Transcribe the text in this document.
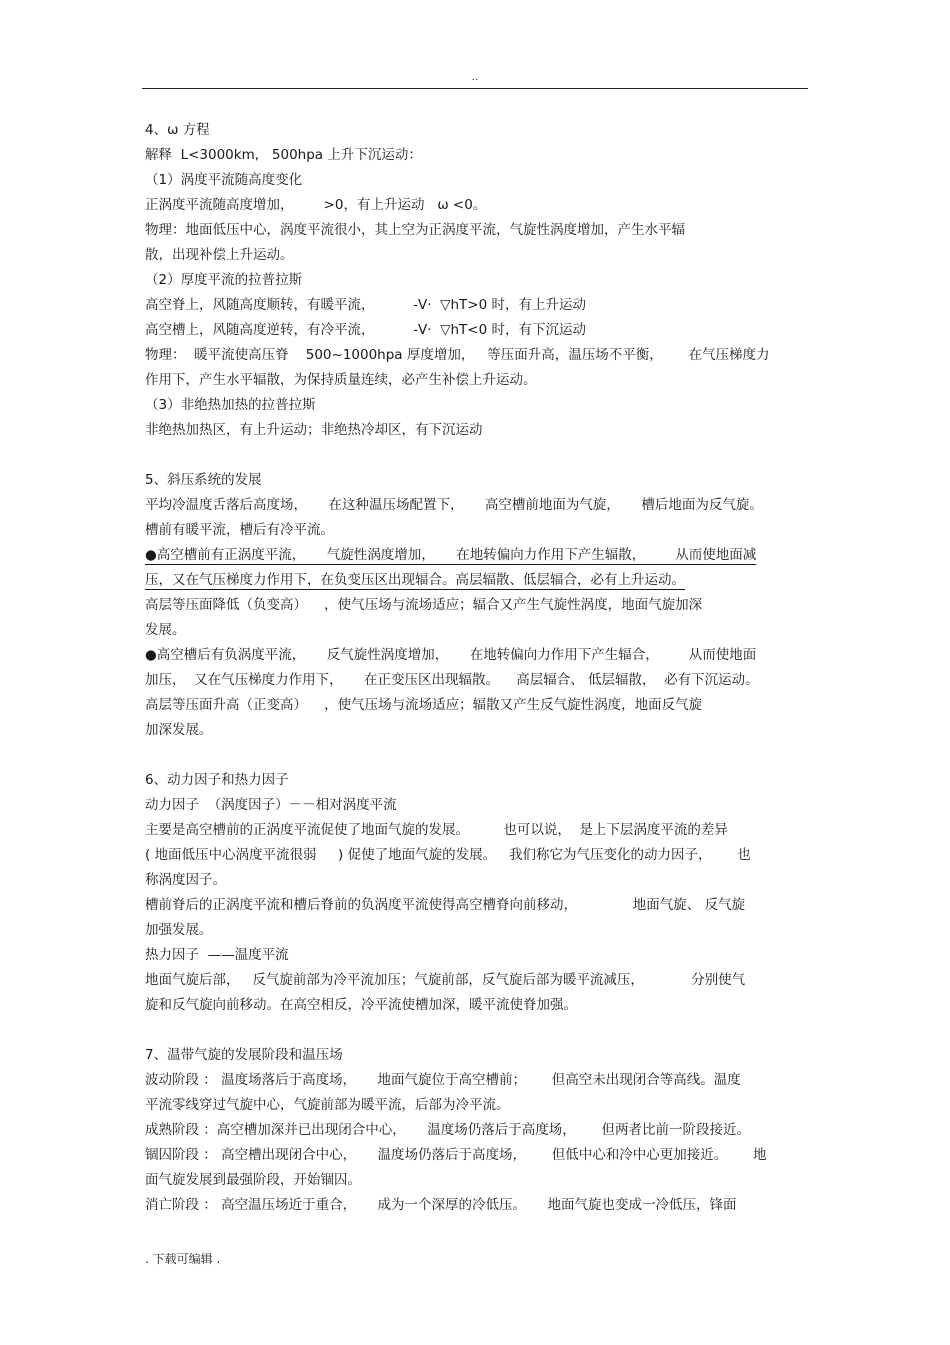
..
4、ω 方程
解释  L<3000km,   500hpa 上升下沉运动：
（1）涡度平流随高度变化
正涡度平流随高度增加，       >0，有上升运动   ω <0。
物理：地面低压中心，涡度平流很小，其上空为正涡度平流，气旋性涡度增加，产生水平辐
散，出现补偿上升运动。
（2）厚度平流的拉普拉斯
高空脊上，风随高度顺转，有暖平流，         -V·  ▽hT>0 时，有上升运动
高空槽上，风随高度逆转，有冷平流，         -V·  ▽hT<0 时，有下沉运动
物理：  暖平流使高压脊    500~1000hpa 厚度增加，   等压面升高，温压场不平衡，      在气压梯度力
作用下，产生水平辐散，为保持质量连续，必产生补偿上升运动。
（3）非绝热加热的拉普拉斯
非绝热加热区，有上升运动；非绝热冷却区，有下沉运动
5、斜压系统的发展
平均冷温度舌落后高度场，     在这种温压场配置下，     高空槽前地面为气旋，     槽后地面为反气旋。
槽前有暖平流，槽后有冷平流。
●高空槽前有正涡度平流，     气旋性涡度增加，     在地转偏向力作用下产生辐散，       从而使地面减
压，又在气压梯度力作用下，在负变压区出现辐合。高层辐散、低层辐合，必有上升运动。
高层等压面降低（负变高）    ，使气压场与流场适应；辐合又产生气旋性涡度，地面气旋加深
发展。
●高空槽后有负涡度平流，     反气旋性涡度增加，     在地转偏向力作用下产生辐合，       从而使地面
加压，  又在气压梯度力作用下，     在正变压区出现辐散。    高层辐合、 低层辐散，  必有下沉运动。
高层等压面升高（正变高）    ，使气压场与流场适应；辐散又产生反气旋性涡度，地面反气旋
加深发展。
6、动力因子和热力因子
动力因子  （涡度因子）－－相对涡度平流
主要是高空槽前的正涡度平流促使了地面气旋的发展。        也可以说，  是上下层涡度平流的差异
( 地面低压中心涡度平流很弱     ) 促使了地面气旋的发展。   我们称它为气压变化的动力因子，      也
称涡度因子。
槽前脊后的正涡度平流和槽后脊前的负涡度平流使得高空槽脊向前移动，             地面气旋、 反气旋
加强发展。
热力因子  ——温度平流
地面气旋后部，   反气旋前部为冷平流加压；气旋前部，反气旋后部为暖平流减压，           分别使气
旋和反气旋向前移动。在高空相反，冷平流使槽加深，暖平流使脊加强。
7、温带气旋的发展阶段和温压场
波动阶段 ： 温度场落后于高度场，     地面气旋位于高空槽前；      但高空未出现闭合等高线。温度
平流零线穿过气旋中心，气旋前部为暖平流，后部为冷平流。
成熟阶段 ：高空槽加深并已出现闭合中心，     温度场仍落后于高度场，      但两者比前一阶段接近。
锢囚阶段 ： 高空槽出现闭合中心，     温度场仍落后于高度场，      但低中心和冷中心更加接近。      地
面气旋发展到最强阶段，开始锢囚。
消亡阶段 ： 高空温压场近于重合，     成为一个深厚的冷低压。     地面气旋也变成一冷低压，锋面
. 下载可编辑 .
